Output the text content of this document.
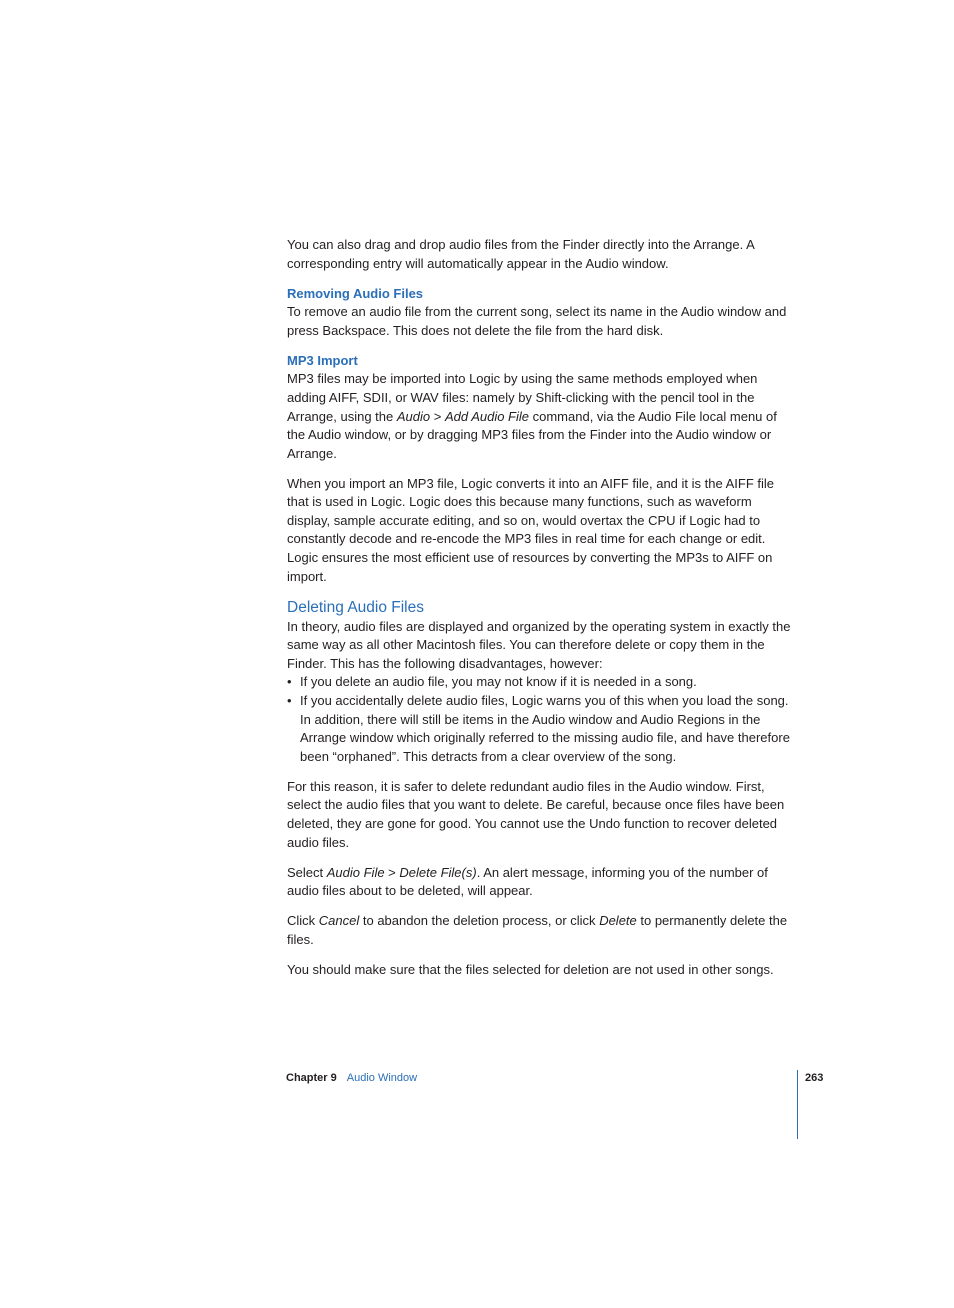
You can also drag and drop audio files from the Finder directly into the Arrange. A corresponding entry will automatically appear in the Audio window.

Removing Audio Files

To remove an audio file from the current song, select its name in the Audio window and press Backspace. This does not delete the file from the hard disk.

MP3 Import

MP3 files may be imported into Logic by using the same methods employed when adding AIFF, SDII, or WAV files: namely by Shift-clicking with the pencil tool in the Arrange, using the Audio > Add Audio File command, via the Audio File local menu of the Audio window, or by dragging MP3 files from the Finder into the Audio window or Arrange.

When you import an MP3 file, Logic converts it into an AIFF file, and it is the AIFF file that is used in Logic. Logic does this because many functions, such as waveform display, sample accurate editing, and so on, would overtax the CPU if Logic had to constantly decode and re-encode the MP3 files in real time for each change or edit. Logic ensures the most efficient use of resources by converting the MP3s to AIFF on import.

Deleting Audio Files

In theory, audio files are displayed and organized by the operating system in exactly the same way as all other Macintosh files. You can therefore delete or copy them in the Finder. This has the following disadvantages, however:

• If you delete an audio file, you may not know if it is needed in a song.
• If you accidentally delete audio files, Logic warns you of this when you load the song. In addition, there will still be items in the Audio window and Audio Regions in the Arrange window which originally referred to the missing audio file, and have therefore been “orphaned”. This detracts from a clear overview of the song.

For this reason, it is safer to delete redundant audio files in the Audio window. First, select the audio files that you want to delete. Be careful, because once files have been deleted, they are gone for good. You cannot use the Undo function to recover deleted audio files.

Select Audio File > Delete File(s). An alert message, informing you of the number of audio files about to be deleted, will appear.

Click Cancel to abandon the deletion process, or click Delete to permanently delete the files.

You should make sure that the files selected for deletion are not used in other songs.

Chapter 9 Audio Window	263
